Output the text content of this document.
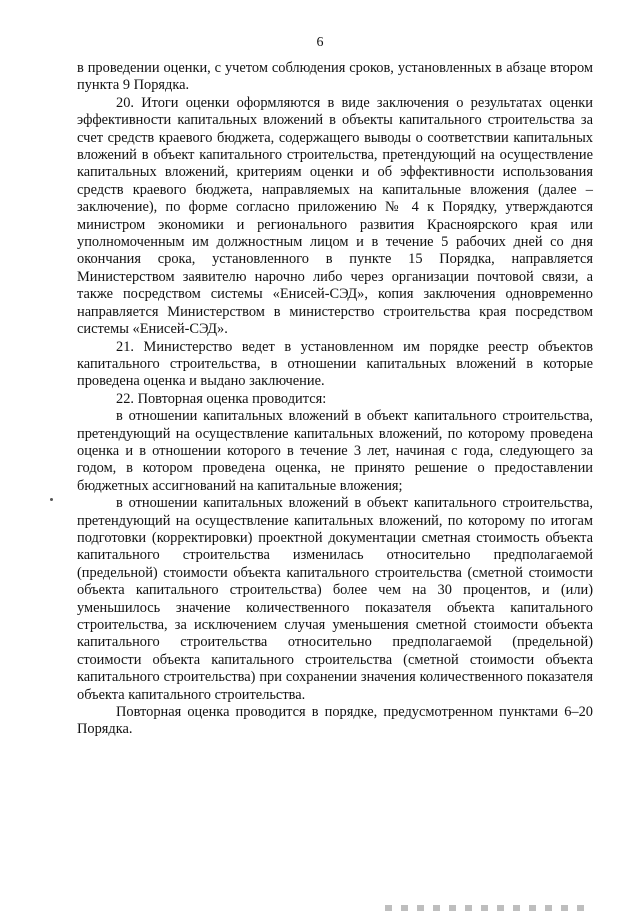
6

в проведении оценки, с учетом соблюдения сроков, установленных в абзаце втором пункта 9 Порядка.

20. Итоги оценки оформляются в виде заключения о результатах оценки эффективности капитальных вложений в объекты капитального строительства за счет средств краевого бюджета, содержащего выводы о соответствии капитальных вложений в объект капитального строительства, претендующий на осуществление капитальных вложений, критериям оценки и об эффективности использования средств краевого бюджета, направляемых на капитальные вложения (далее – заключение), по форме согласно приложению № 4 к Порядку, утверждаются министром экономики и регионального развития Красноярского края или уполномоченным им должностным лицом и в течение 5 рабочих дней со дня окончания срока, установленного в пункте 15 Порядка, направляется Министерством заявителю нарочно либо через организации почтовой связи, а также посредством системы «Енисей-СЭД», копия заключения одновременно направляется Министерством в министерство строительства края посредством системы «Енисей-СЭД».

21. Министерство ведет в установленном им порядке реестр объектов капитального строительства, в отношении капитальных вложений в которые проведена оценка и выдано заключение.

22. Повторная оценка проводится:

в отношении капитальных вложений в объект капитального строительства, претендующий на осуществление капитальных вложений, по которому проведена оценка и в отношении которого в течение 3 лет, начиная с года, следующего за годом, в котором проведена оценка, не принято решение о предоставлении бюджетных ассигнований на капитальные вложения;

в отношении капитальных вложений в объект капитального строительства, претендующий на осуществление капитальных вложений, по которому по итогам подготовки (корректировки) проектной документации сметная стоимость объекта капитального строительства изменилась относительно предполагаемой (предельной) стоимости объекта капитального строительства (сметной стоимости объекта капитального строительства) более чем на 30 процентов, и (или) уменьшилось значение количественного показателя объекта капитального строительства, за исключением случая уменьшения сметной стоимости объекта капитального строительства относительно предполагаемой (предельной) стоимости объекта капитального строительства (сметной стоимости объекта капитального строительства) при сохранении значения количественного показателя объекта капитального строительства.

Повторная оценка проводится в порядке, предусмотренном пунктами 6–20 Порядка.
